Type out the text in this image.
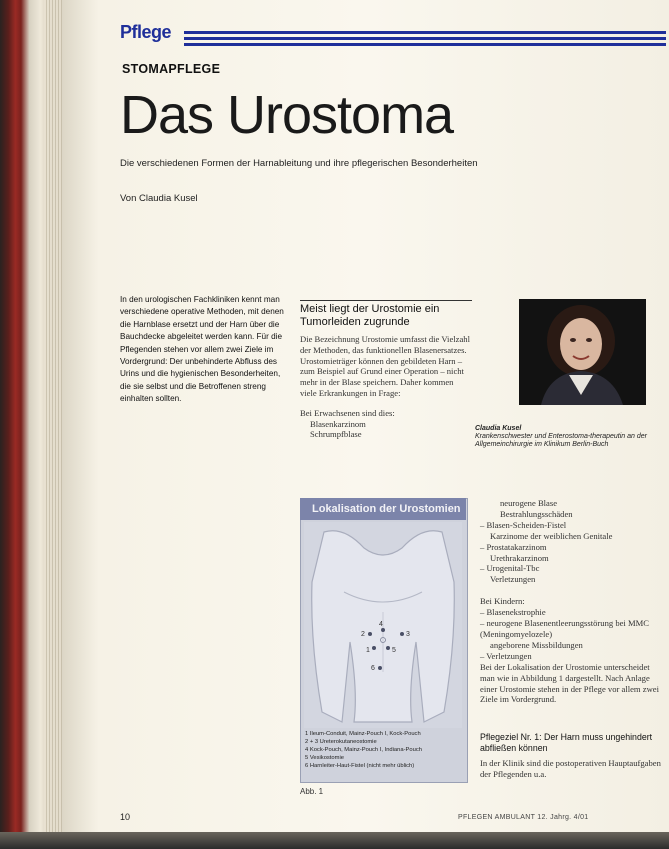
Pflege
STOMAPFLEGE
Das Urostoma
Die verschiedenen Formen der Harnableitung und ihre pflegerischen Besonderheiten
Von Claudia Kusel
In den urologischen Fachkliniken kennt man verschiedene operative Methoden, mit denen die Harnblase ersetzt und der Harn über die Bauchdecke abgeleitet werden kann. Für die Pflegenden stehen vor allem zwei Ziele im Vordergrund: Der unbehinderte Abfluss des Urins und die hygienischen Besonderheiten, die sie selbst und die Betroffenen streng einhalten sollten.
Meist liegt der Urostomie ein Tumorleiden zugrunde
Die Bezeichnung Urostomie umfasst die Vielzahl der Methoden, das funktionellen Blasenersatzes. Urostomieträger können den gebildeten Harn – zum Beispiel auf Grund einer Operation – nicht mehr in der Blase speichern. Daher kommen viele Erkrankungen in Frage:
Bei Erwachsenen sind dies:
Blasenkarzinom
Schrumpfblase
Claudia Kusel
Krankenschwester und Enterostoma-therapeutin an der Allgemeinchirurgie im Klinikum Berlin-Buch
Lokalisation der Urostomien
2	3
4
1	5
6
1 Ileum-Conduit, Mainz-Pouch I, Kock-Pouch
2 + 3 Ureterokutaneostomie
4 Kock-Pouch, Mainz-Pouch I, Indiana-Pouch
5 Vesikostomie
6 Harnleiter-Haut-Fistel (nicht mehr üblich)
Abb. 1
neurogene Blase
Bestrahlungsschäden
– Blasen-Scheiden-Fistel
Karzinome der weiblichen Genitale
– Prostatakarzinom
Urethrakarzinom
– Urogenital-Tbc
Verletzungen
Bei Kindern:
– Blasenekstrophie
– neurogene Blasenentleerungsstörung bei MMC (Meningomyelozele)
angeborene Missbildungen
– Verletzungen
Bei der Lokalisation der Urostomie unterscheidet man wie in Abbildung 1 dargestellt. Nach Anlage einer Urostomie stehen in der Pflege vor allem zwei Ziele im Vordergrund.
Pflegeziel Nr. 1: Der Harn muss ungehindert abfließen können
In der Klinik sind die postoperativen Hauptaufgaben der Pflegenden u.a.
10	PFLEGEN AMBULANT 12. Jahrg. 4/01
